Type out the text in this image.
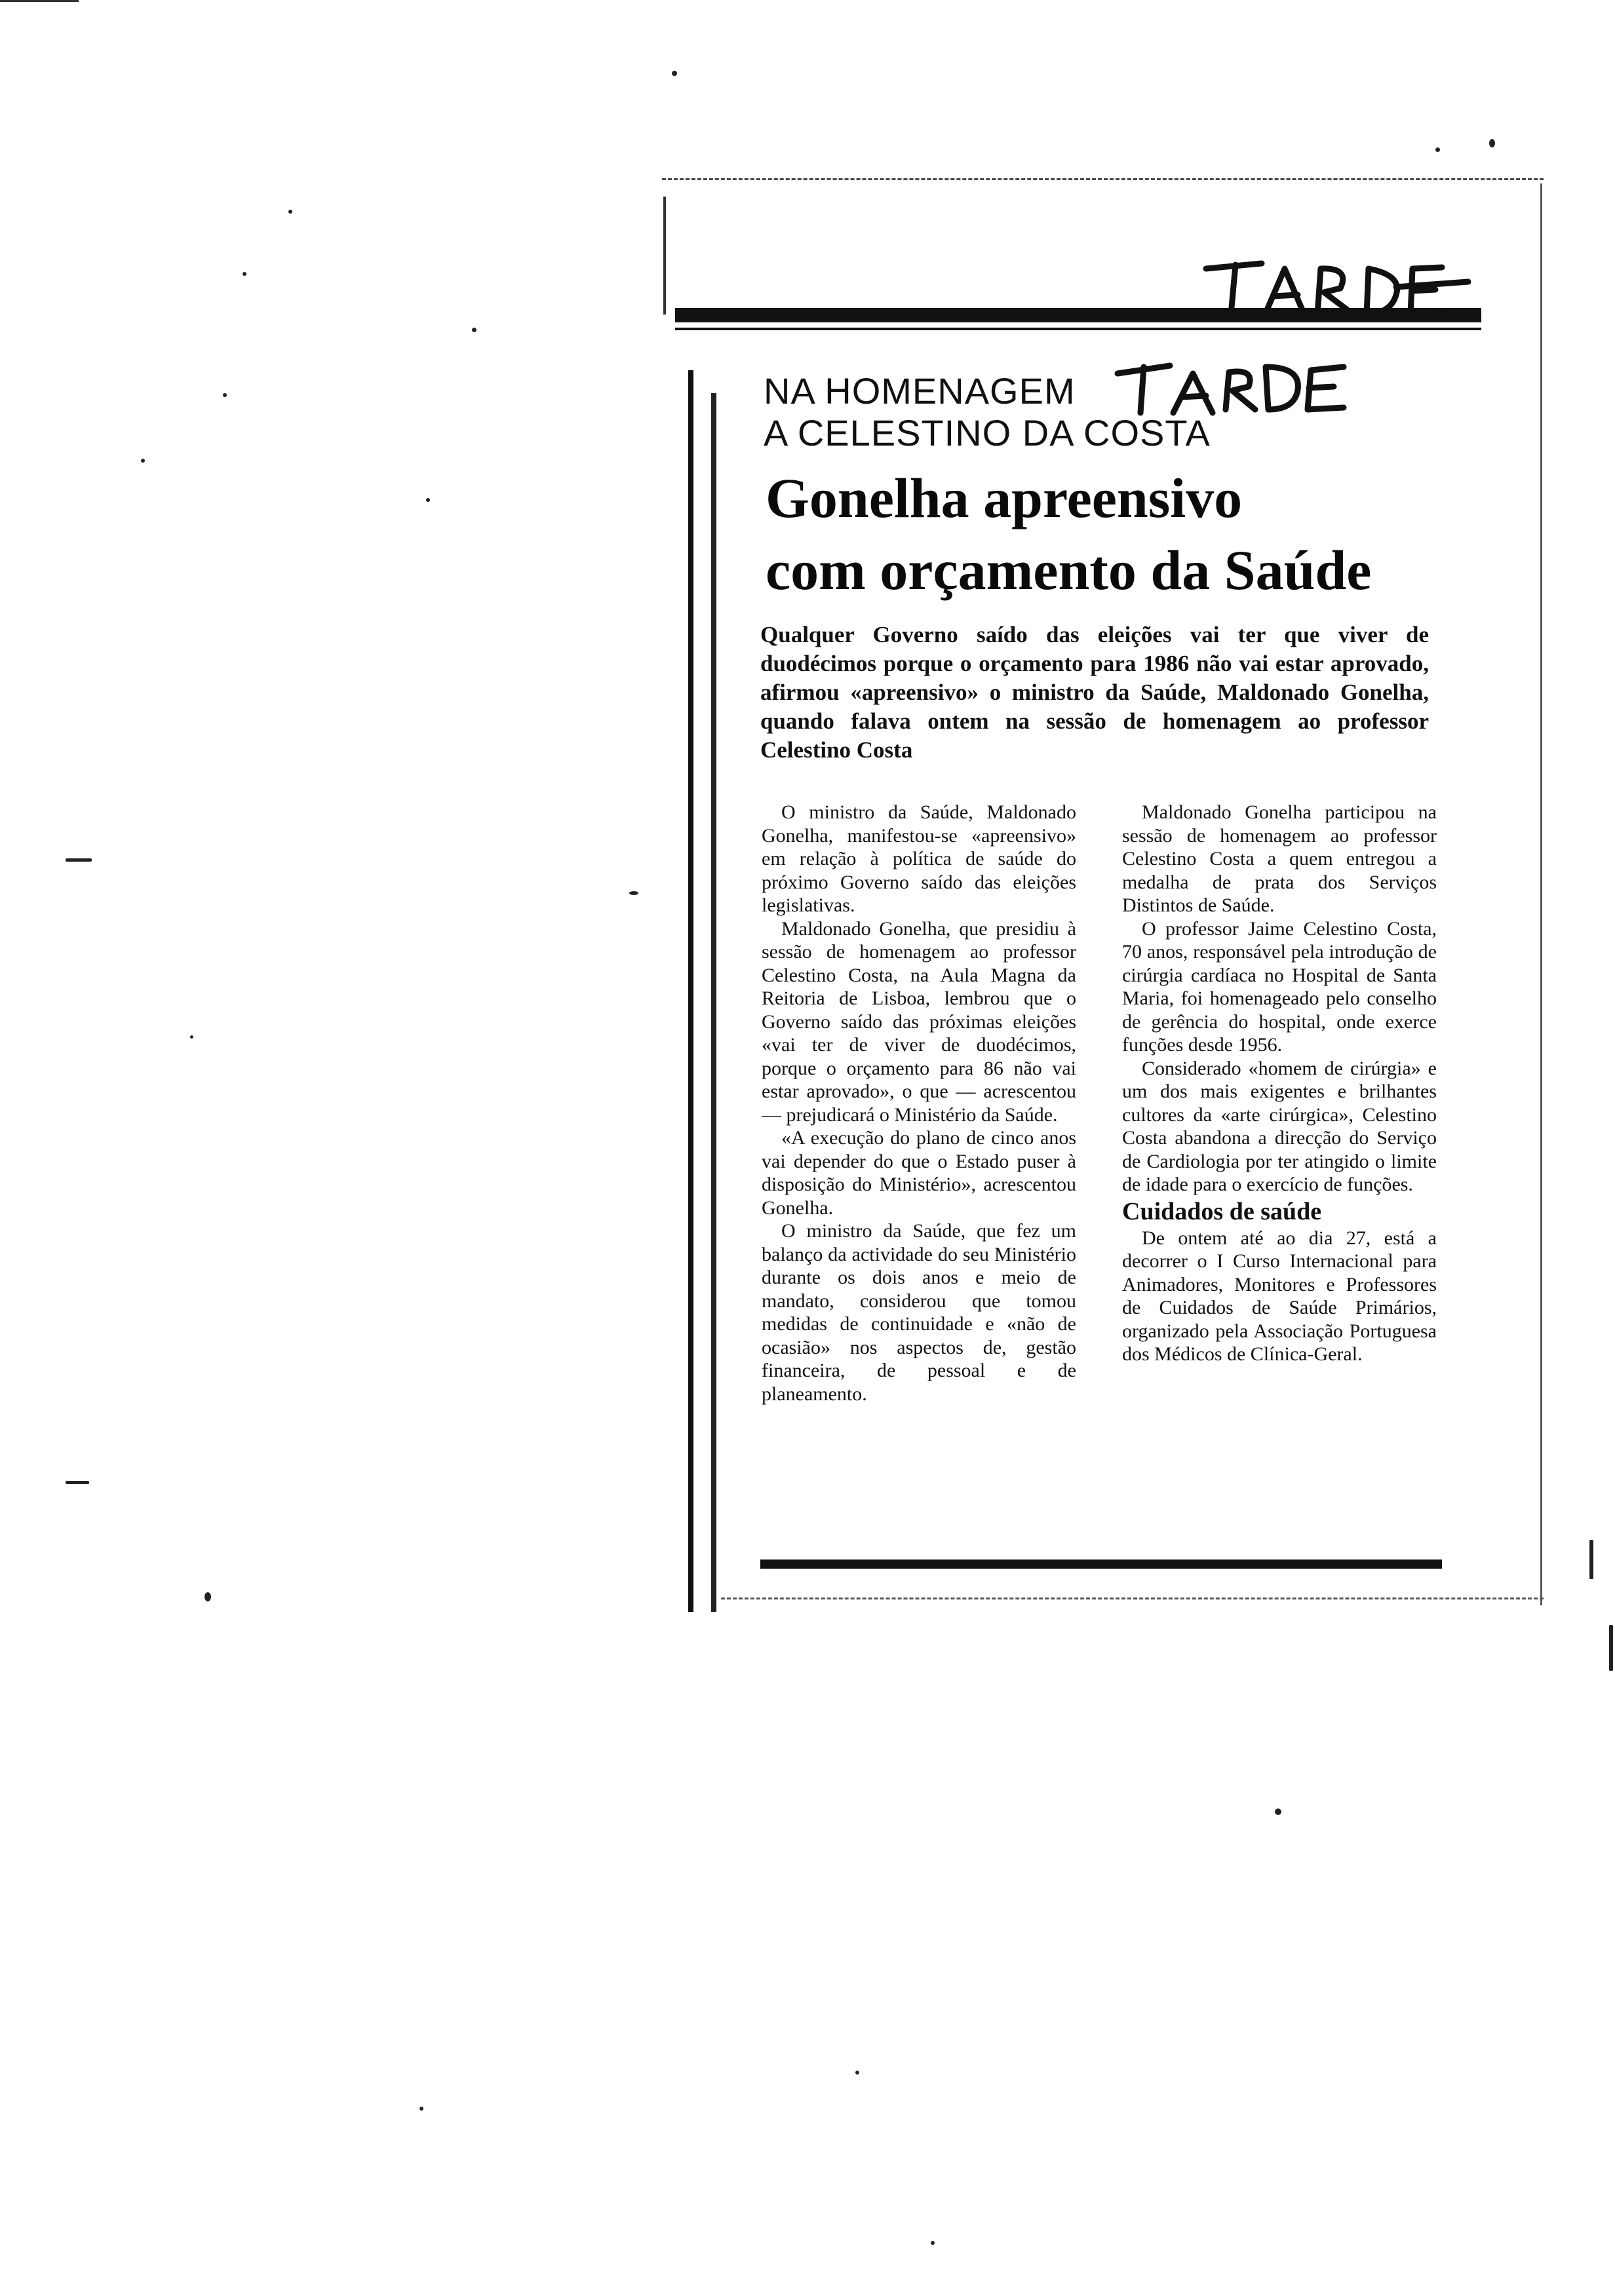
NA HOMENAGEM
A CELESTINO DA COSTA
Gonelha apreensivo
com orçamento da Saúde
Qualquer Governo saído das eleições vai ter que viver de duodécimos porque o orçamento para 1986 não vai estar aprovado, afirmou «apreensivo» o ministro da Saúde, Maldonado Gonelha, quando falava ontem na sessão de homenagem ao professor Celestino Costa

O ministro da Saúde, Maldonado Gonelha, manifestou-se «apreensivo» em relação à política de saúde do próximo Governo saído das eleições legislativas.

Maldonado Gonelha, que presidiu à sessão de homenagem ao professor Celestino Costa, na Aula Magna da Reitoria de Lisboa, lembrou que o Governo saído das próximas eleições «vai ter de viver de duodécimos, porque o orçamento para 86 não vai estar aprovado», o que — acrescentou — prejudicará o Ministério da Saúde.

«A execução do plano de cinco anos vai depender do que o Estado puser à disposição do Ministério», acrescentou Gonelha.

O ministro da Saúde, que fez um balanço da actividade do seu Ministério durante os dois anos e meio de mandato, considerou que tomou medidas de continuidade e «não de ocasião» nos aspectos de, gestão financeira, de pessoal e de planeamento.

Maldonado Gonelha participou na sessão de homenagem ao professor Celestino Costa a quem entregou a medalha de prata dos Serviços Distintos de Saúde.

O professor Jaime Celestino Costa, 70 anos, responsável pela introdução de cirúrgia cardíaca no Hospital de Santa Maria, foi homenageado pelo conselho de gerência do hospital, onde exerce funções desde 1956.

Considerado «homem de cirúrgia» e um dos mais exigentes e brilhantes cultores da «arte cirúrgica», Celestino Costa abandona a direcção do Serviço de Cardiologia por ter atingido o limite de idade para o exercício de funções.

Cuidados de saúde

De ontem até ao dia 27, está a decorrer o I Curso Internacional para Animadores, Monitores e Professores de Cuidados de Saúde Primários, organizado pela Associação Portuguesa dos Médicos de Clínica-Geral.
